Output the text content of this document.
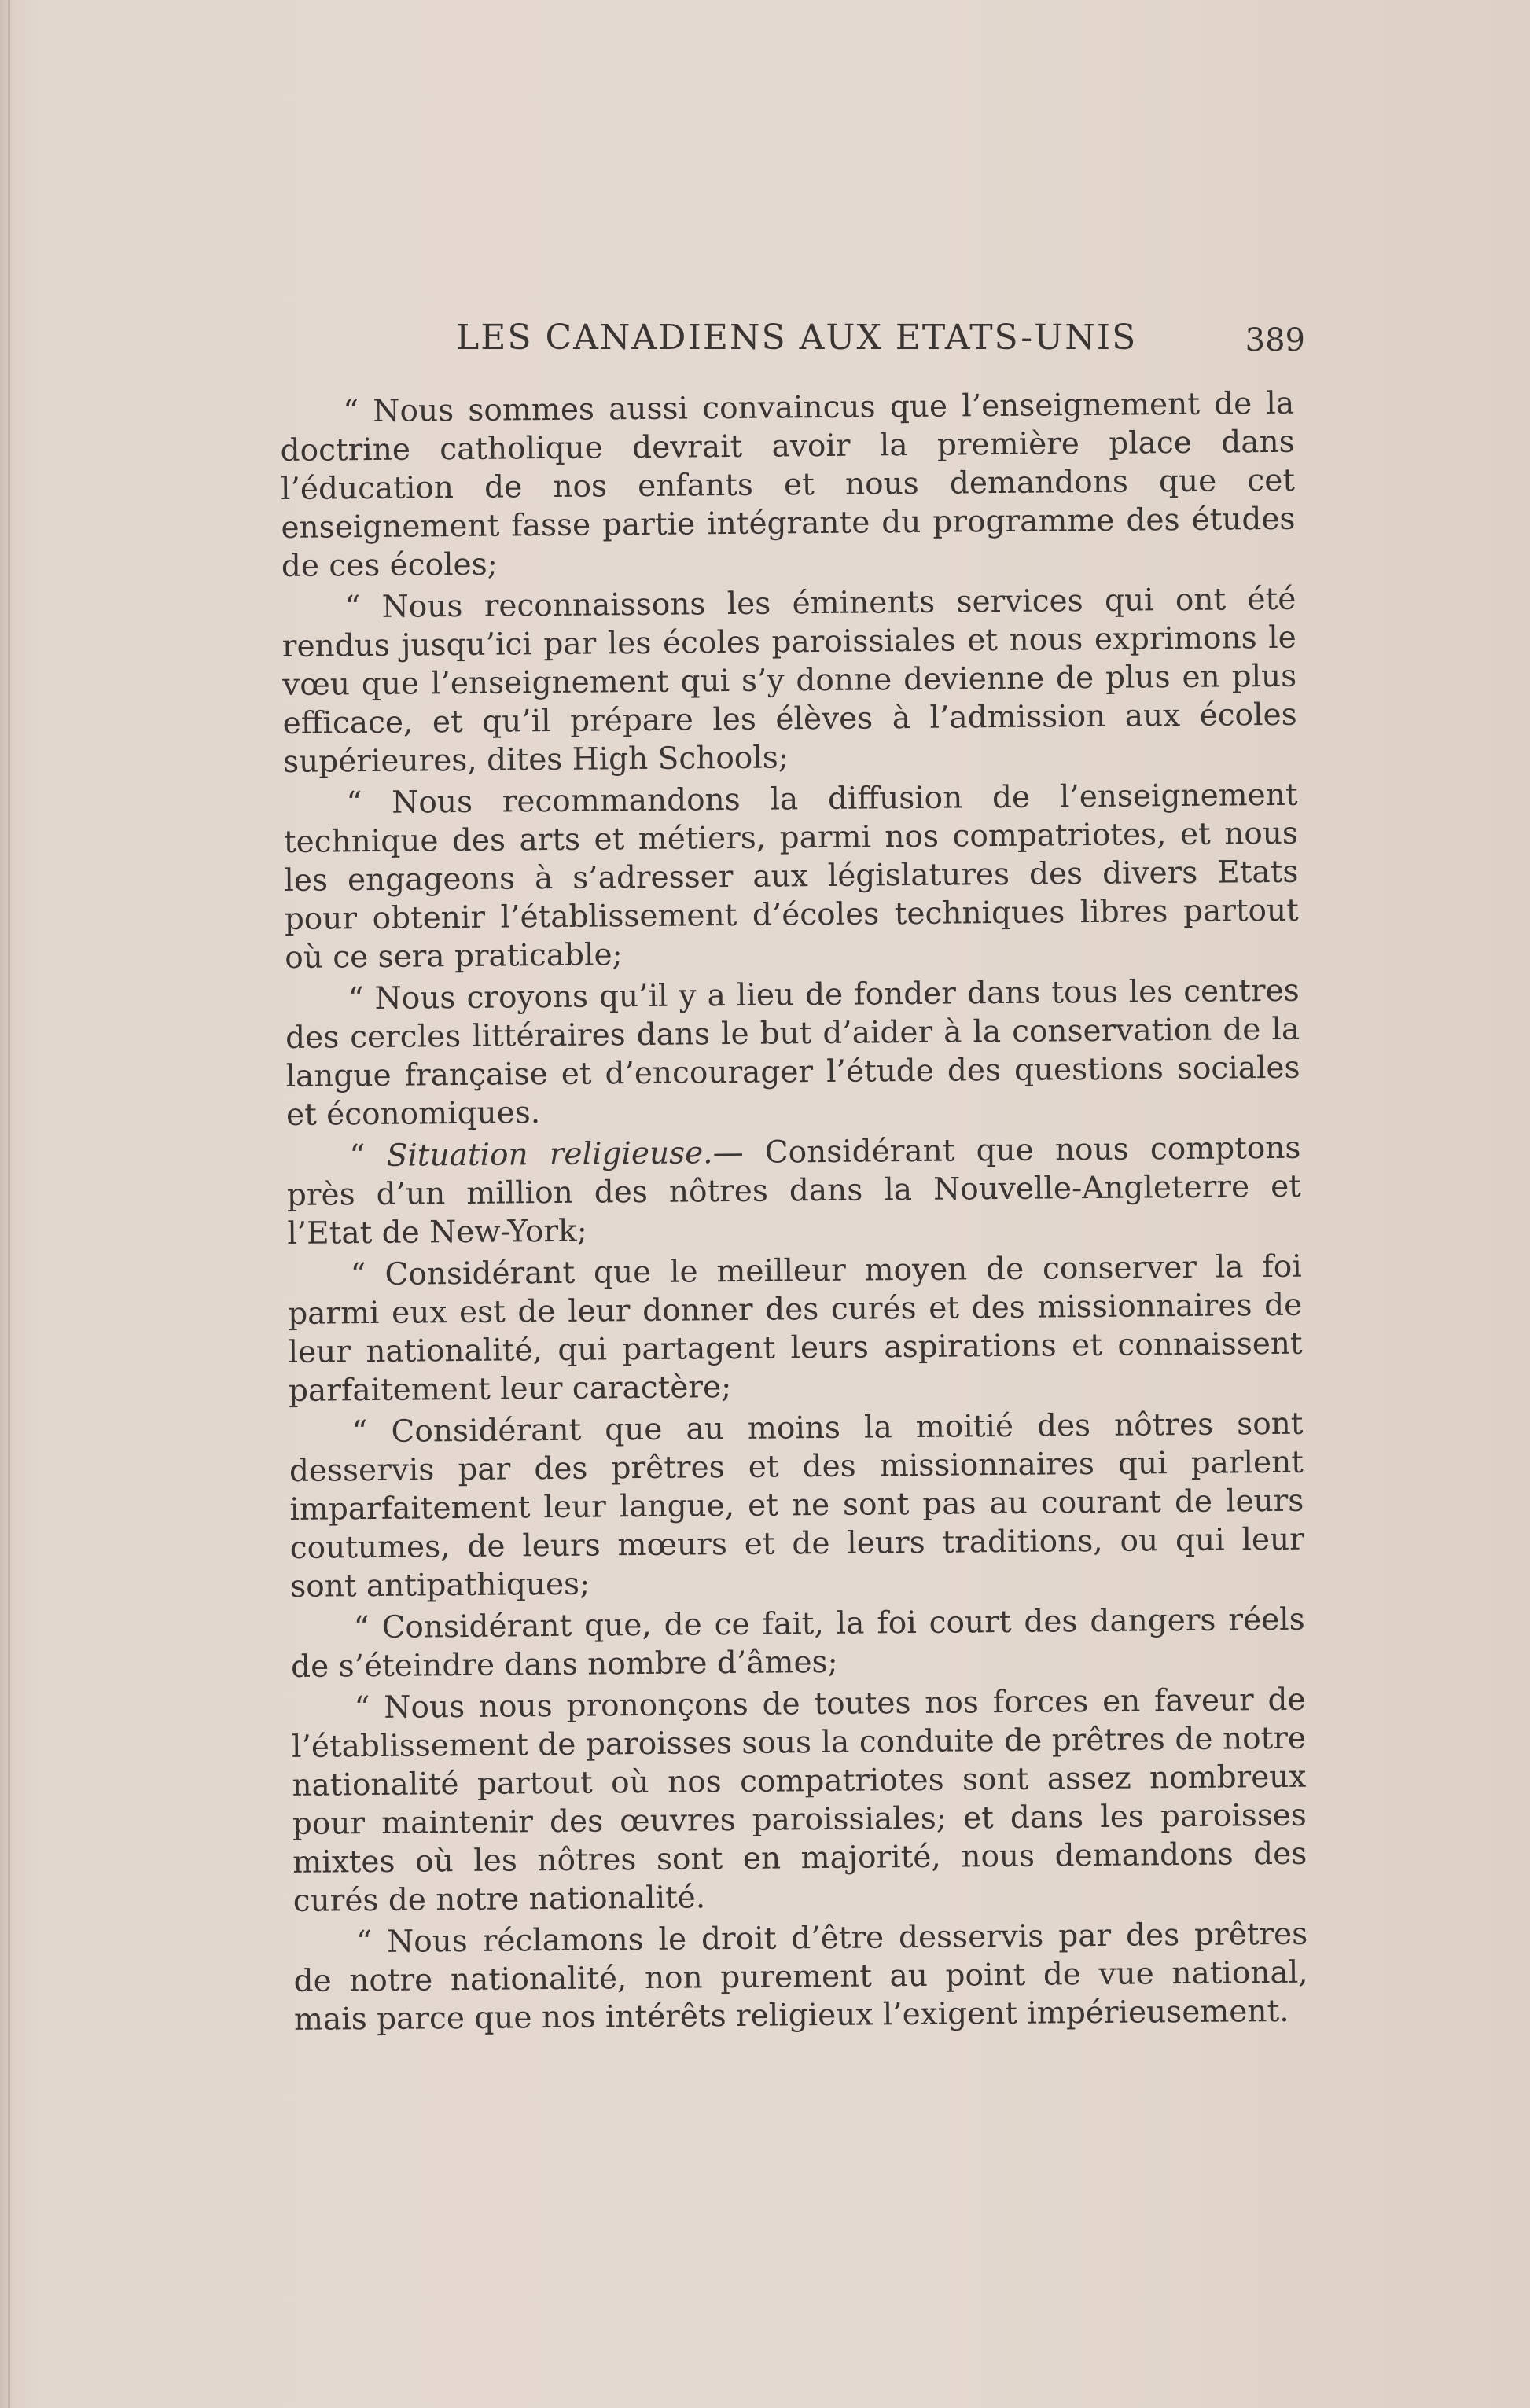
LES CANADIENS AUX ETATS-UNIS	389

“ Nous sommes aussi convaincus que l’enseignement de la doctrine catholique devrait avoir la première place dans l’éducation de nos enfants et nous demandons que cet enseignement fasse partie intégrante du programme des études de ces écoles;

“ Nous reconnaissons les éminents services qui ont été rendus jusqu’ici par les écoles paroissiales et nous exprimons le vœu que l’enseignement qui s’y donne devienne de plus en plus efficace, et qu’il prépare les élèves à l’admission aux écoles supérieures, dites High Schools;

“ Nous recommandons la diffusion de l’enseignement technique des arts et métiers, parmi nos compatriotes, et nous les engageons à s’adresser aux législatures des divers Etats pour obtenir l’établissement d’écoles techniques libres partout où ce sera praticable;

“ Nous croyons qu’il y a lieu de fonder dans tous les centres des cercles littéraires dans le but d’aider à la conservation de la langue française et d’encourager l’étude des questions sociales et économiques.

“ Situation religieuse.— Considérant que nous comptons près d’un million des nôtres dans la Nouvelle-Angleterre et l’Etat de New-York;

“ Considérant que le meilleur moyen de conserver la foi parmi eux est de leur donner des curés et des missionnaires de leur nationalité, qui partagent leurs aspirations et connaissent parfaitement leur caractère;

“ Considérant que au moins la moitié des nôtres sont desservis par des prêtres et des missionnaires qui parlent imparfaitement leur langue, et ne sont pas au courant de leurs coutumes, de leurs mœurs et de leurs traditions, ou qui leur sont antipathiques;

“ Considérant que, de ce fait, la foi court des dangers réels de s’éteindre dans nombre d’âmes;

“ Nous nous prononçons de toutes nos forces en faveur de l’établissement de paroisses sous la conduite de prêtres de notre nationalité partout où nos compatriotes sont assez nombreux pour maintenir des œuvres paroissiales; et dans les paroisses mixtes où les nôtres sont en majorité, nous demandons des curés de notre nationalité.

“ Nous réclamons le droit d’être desservis par des prêtres de notre nationalité, non purement au point de vue national, mais parce que nos intérêts religieux l’exigent impérieusement.
